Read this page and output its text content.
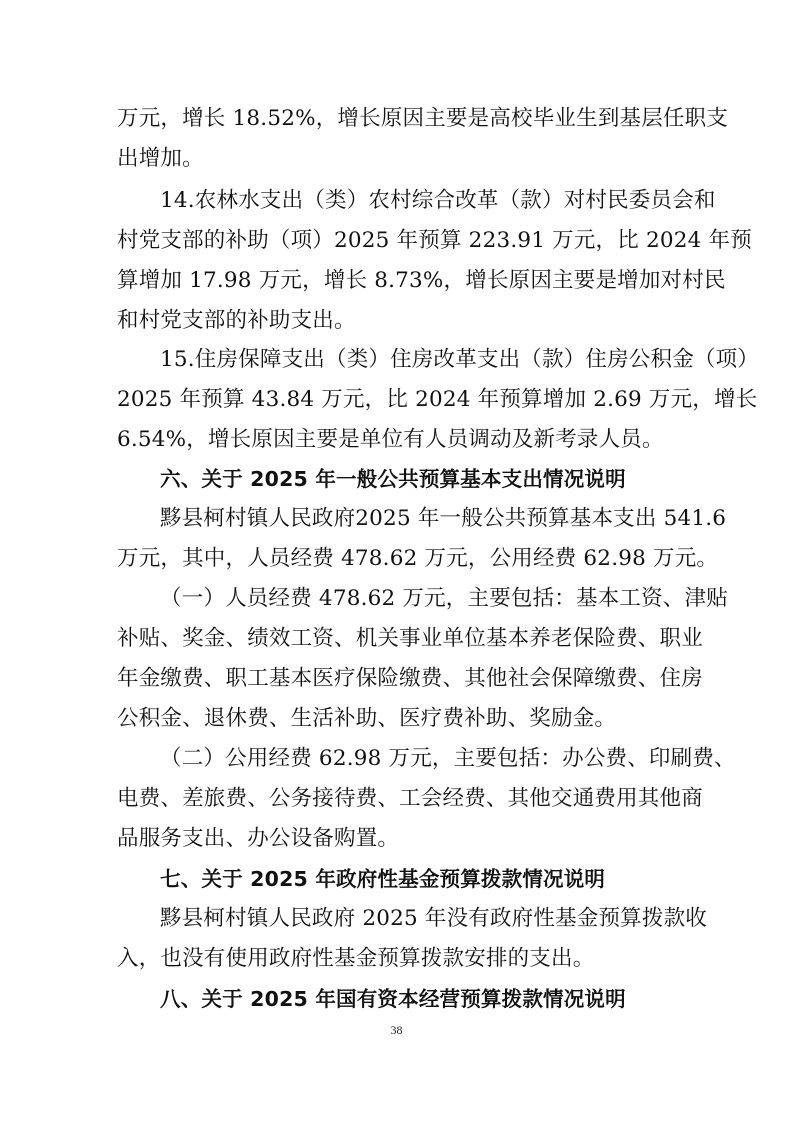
万元，增长 18.52%，增长原因主要是高校毕业生到基层任职支
出增加。
14.农林水支出（类）农村综合改革（款）对村民委员会和
村党支部的补助（项）2025 年预算 223.91 万元，比 2024 年预
算增加 17.98 万元，增长 8.73%，增长原因主要是增加对村民
和村党支部的补助支出。
15.住房保障支出（类）住房改革支出（款）住房公积金（项）
2025 年预算 43.84 万元，比 2024 年预算增加 2.69 万元，增长
6.54%，增长原因主要是单位有人员调动及新考录人员。
六、关于 2025 年一般公共预算基本支出情况说明
黟县柯村镇人民政府2025 年一般公共预算基本支出 541.6
万元，其中，人员经费 478.62 万元，公用经费 62.98 万元。
（一）人员经费 478.62 万元，主要包括：基本工资、津贴
补贴、奖金、绩效工资、机关事业单位基本养老保险费、职业
年金缴费、职工基本医疗保险缴费、其他社会保障缴费、住房
公积金、退休费、生活补助、医疗费补助、奖励金。
（二）公用经费 62.98 万元，主要包括：办公费、印刷费、
电费、差旅费、公务接待费、工会经费、其他交通费用其他商
品服务支出、办公设备购置。
七、关于 2025 年政府性基金预算拨款情况说明
黟县柯村镇人民政府 2025 年没有政府性基金预算拨款收
入，也没有使用政府性基金预算拨款安排的支出。
八、关于 2025 年国有资本经营预算拨款情况说明
38
